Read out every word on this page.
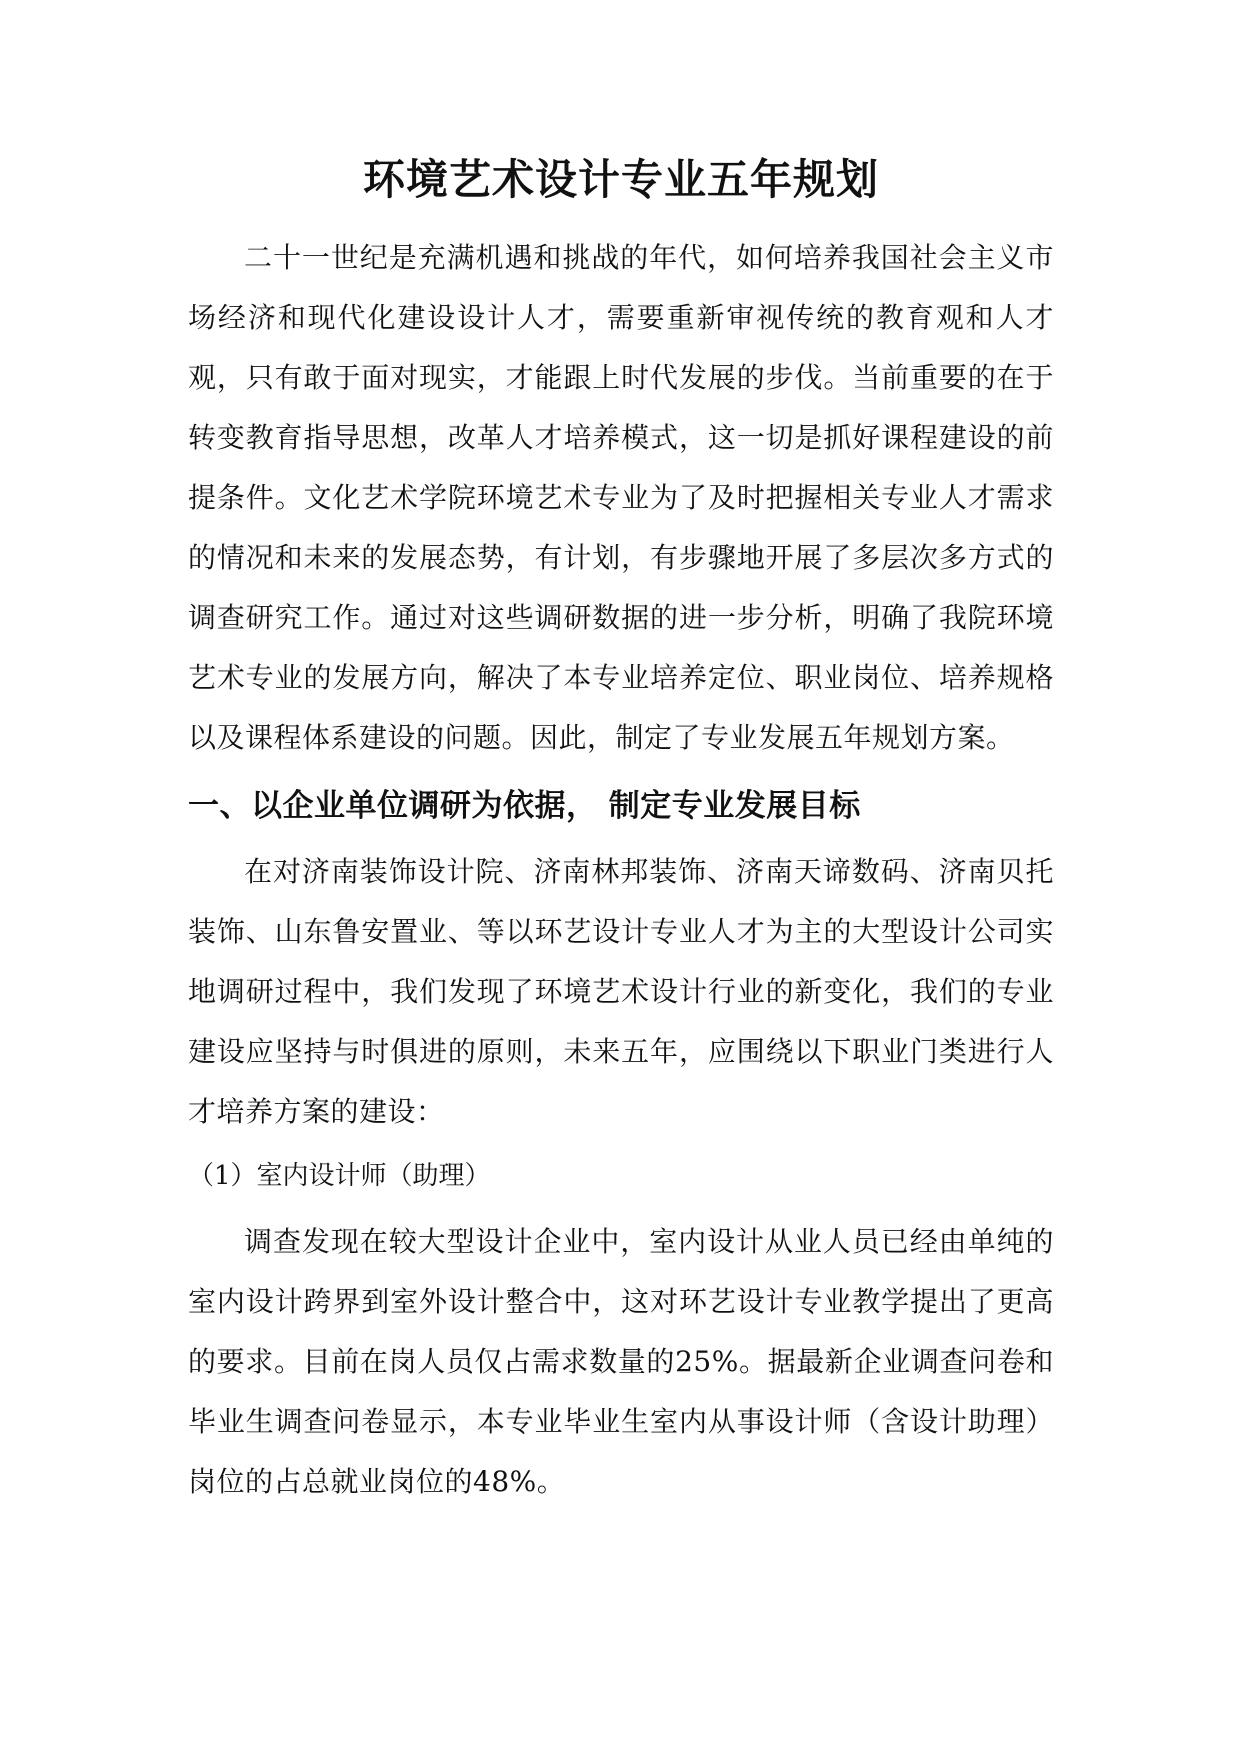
环境艺术设计专业五年规划

二十一世纪是充满机遇和挑战的年代，如何培养我国社会主义市场经济和现代化建设设计人才，需要重新审视传统的教育观和人才观，只有敢于面对现实，才能跟上时代发展的步伐。当前重要的在于转变教育指导思想，改革人才培养模式，这一切是抓好课程建设的前提条件。文化艺术学院环境艺术专业为了及时把握相关专业人才需求的情况和未来的发展态势，有计划，有步骤地开展了多层次多方式的调查研究工作。通过对这些调研数据的进一步分析，明确了我院环境艺术专业的发展方向，解决了本专业培养定位、职业岗位、培养规格以及课程体系建设的问题。因此，制定了专业发展五年规划方案。

一、以企业单位调研为依据， 制定专业发展目标

在对济南装饰设计院、济南林邦装饰、济南天谛数码、济南贝托装饰、山东鲁安置业、等以环艺设计专业人才为主的大型设计公司实地调研过程中，我们发现了环境艺术设计行业的新变化，我们的专业建设应坚持与时俱进的原则，未来五年，应围绕以下职业门类进行人才培养方案的建设：

（1）室内设计师（助理）

调查发现在较大型设计企业中，室内设计从业人员已经由单纯的室内设计跨界到室外设计整合中，这对环艺设计专业教学提出了更高的要求。目前在岗人员仅占需求数量的25%。据最新企业调查问卷和毕业生调查问卷显示，本专业毕业生室内从事设计师（含设计助理）岗位的占总就业岗位的48%。
